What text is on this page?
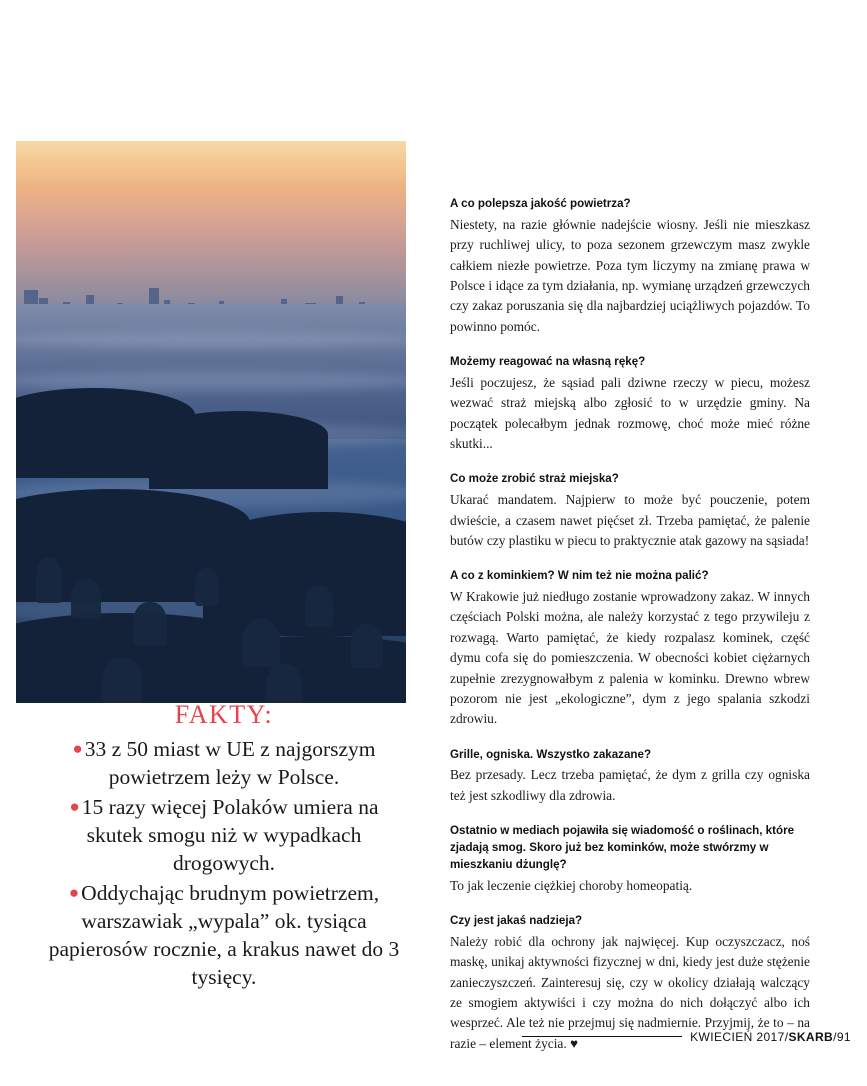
FAKTY:
●33 z 50 miast w UE z najgorszym powietrzem leży w Polsce.
●15 razy więcej Polaków umiera na skutek smogu niż w wypadkach drogowych.
●Oddychając brudnym powietrzem, warszawiak „wypala” ok. tysiąca papierosów rocznie, a krakus nawet do 3 tysięcy.
A co polepsza jakość powietrza?
Niestety, na razie głównie nadejście wiosny. Jeśli nie mieszkasz przy ruchliwej ulicy, to poza sezonem grzewczym masz zwykle całkiem niezłe powietrze. Poza tym liczymy na zmianę prawa w Polsce i idące za tym działania, np. wymianę urządzeń grzewczych czy zakaz poruszania się dla najbardziej uciążliwych pojazdów. To powinno pomóc.
Możemy reagować na własną rękę?
Jeśli poczujesz, że sąsiad pali dziwne rzeczy w piecu, możesz wezwać straż miejską albo zgłosić to w urzędzie gminy. Na początek polecałbym jednak rozmowę, choć może mieć różne skutki...
Co może zrobić straż miejska?
Ukarać mandatem. Najpierw to może być pouczenie, potem dwieście, a czasem nawet pięćset zł. Trzeba pamiętać, że palenie butów czy plastiku w piecu to praktycznie atak gazowy na sąsiada!
A co z kominkiem? W nim też nie można palić?
W Krakowie już niedługo zostanie wprowadzony zakaz. W innych częściach Polski można, ale należy korzystać z tego przywileju z rozwagą. Warto pamiętać, że kiedy rozpalasz kominek, część dymu cofa się do pomieszczenia. W obecności kobiet ciężarnych zupełnie zrezygnowałbym z palenia w kominku. Drewno wbrew pozorom nie jest „ekologiczne”, dym z jego spalania szkodzi zdrowiu.
Grille, ogniska. Wszystko zakazane?
Bez przesady. Lecz trzeba pamiętać, że dym z grilla czy ogniska też jest szkodliwy dla zdrowia.
Ostatnio w mediach pojawiła się wiadomość o roślinach, które zjadają smog. Skoro już bez kominków, może stwórzmy w mieszkaniu dżunglę?
To jak leczenie ciężkiej choroby homeopatią.
Czy jest jakaś nadzieja?
Należy robić dla ochrony jak najwięcej. Kup oczyszczacz, noś maskę, unikaj aktywności fizycznej w dni, kiedy jest duże stężenie zanieczyszczeń. Zainteresuj się, czy w okolicy działają walczący ze smogiem aktywiści i czy można do nich dołączyć albo ich wesprzeć. Ale też nie przejmuj się nadmiernie. Przyjmij, że to – na razie – element życia. ♥	KWIECIEŃ 2017/SKARB/91
